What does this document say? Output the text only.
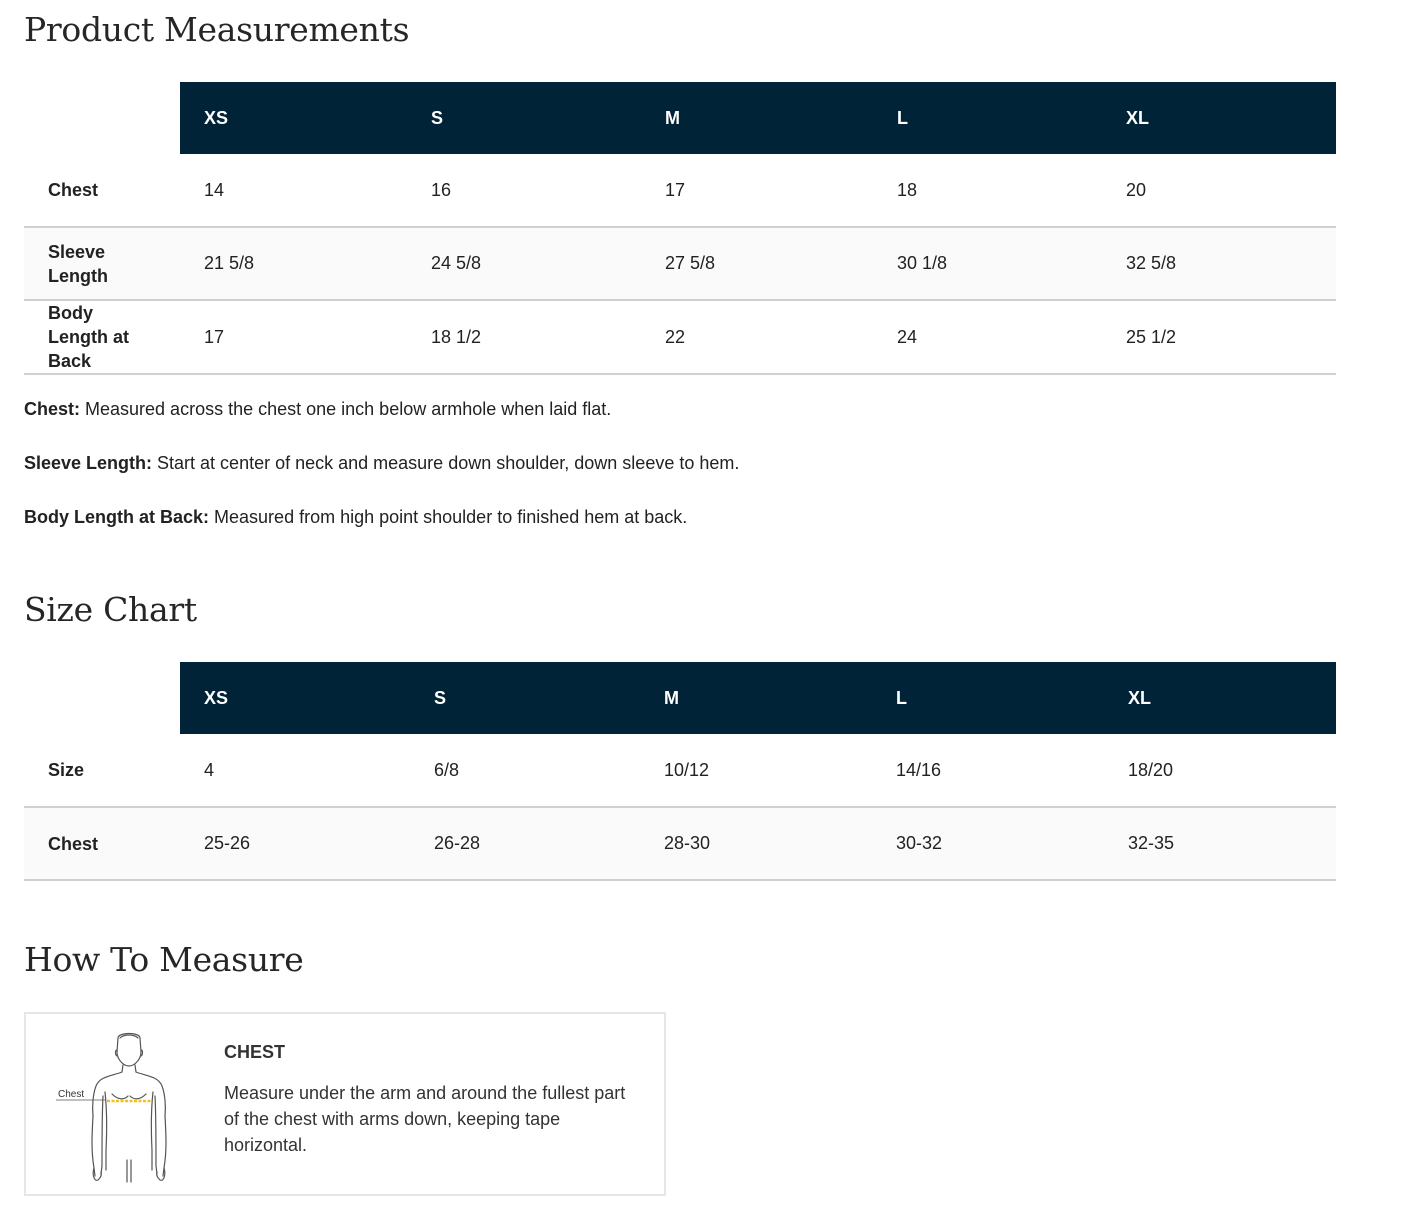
Product Measurements
	XS	S	M	L	XL
Chest	14	16	17	18	20
Sleeve Length	21 5/8	24 5/8	27 5/8	30 1/8	32 5/8
Body Length at Back	17	18 1/2	22	24	25 1/2

Chest: Measured across the chest one inch below armhole when laid flat.

Sleeve Length: Start at center of neck and measure down shoulder, down sleeve to hem.

Body Length at Back: Measured from high point shoulder to finished hem at back.

Size Chart
	XS	S	M	L	XL
Size	4	6/8	10/12	14/16	18/20
Chest	25-26	26-28	28-30	30-32	32-35
How To Measure
Chest
CHEST

Measure under the arm and around the fullest part of the chest with arms down, keeping tape horizontal.
